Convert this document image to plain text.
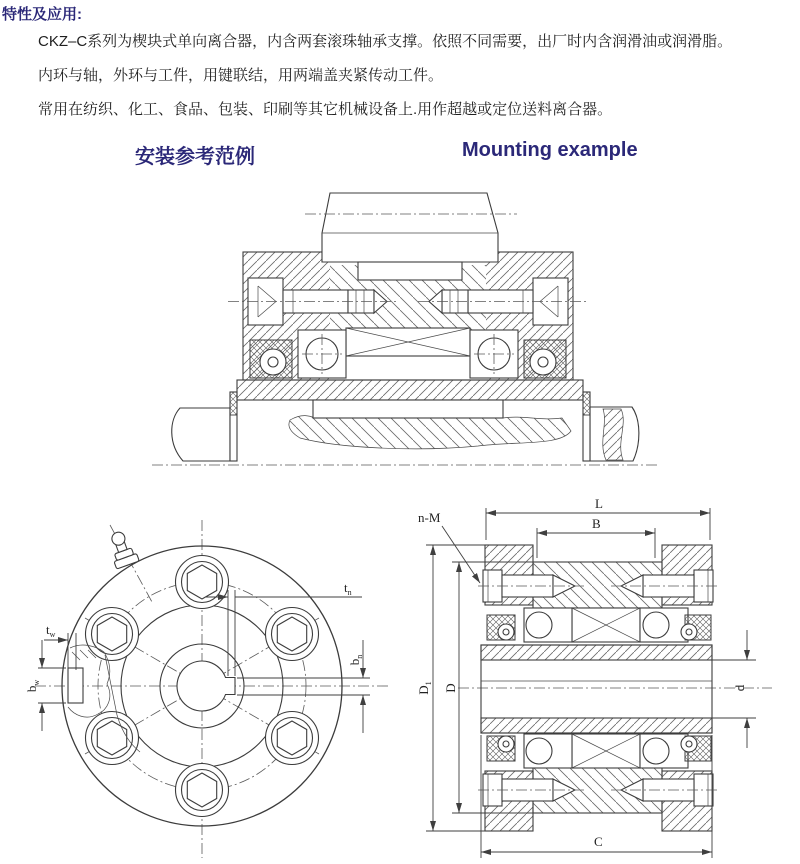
特性及应用:

CKZ–C系列为楔块式单向离合器，内含两套滚珠轴承支撑。依照不同需要，出厂时内含润滑油或润滑脂。

内环与轴，外环与工件，用键联结，用两端盖夹紧传动工件。

常用在纺织、化工、食品、包装、印刷等其它机械设备上.用作超越或定位送料离合器。

安装参考范例	Mounting example
$t_w$
$b_w$
$t_n$
$b_n$
L
B
n-M
$D_1$ D	d
C
